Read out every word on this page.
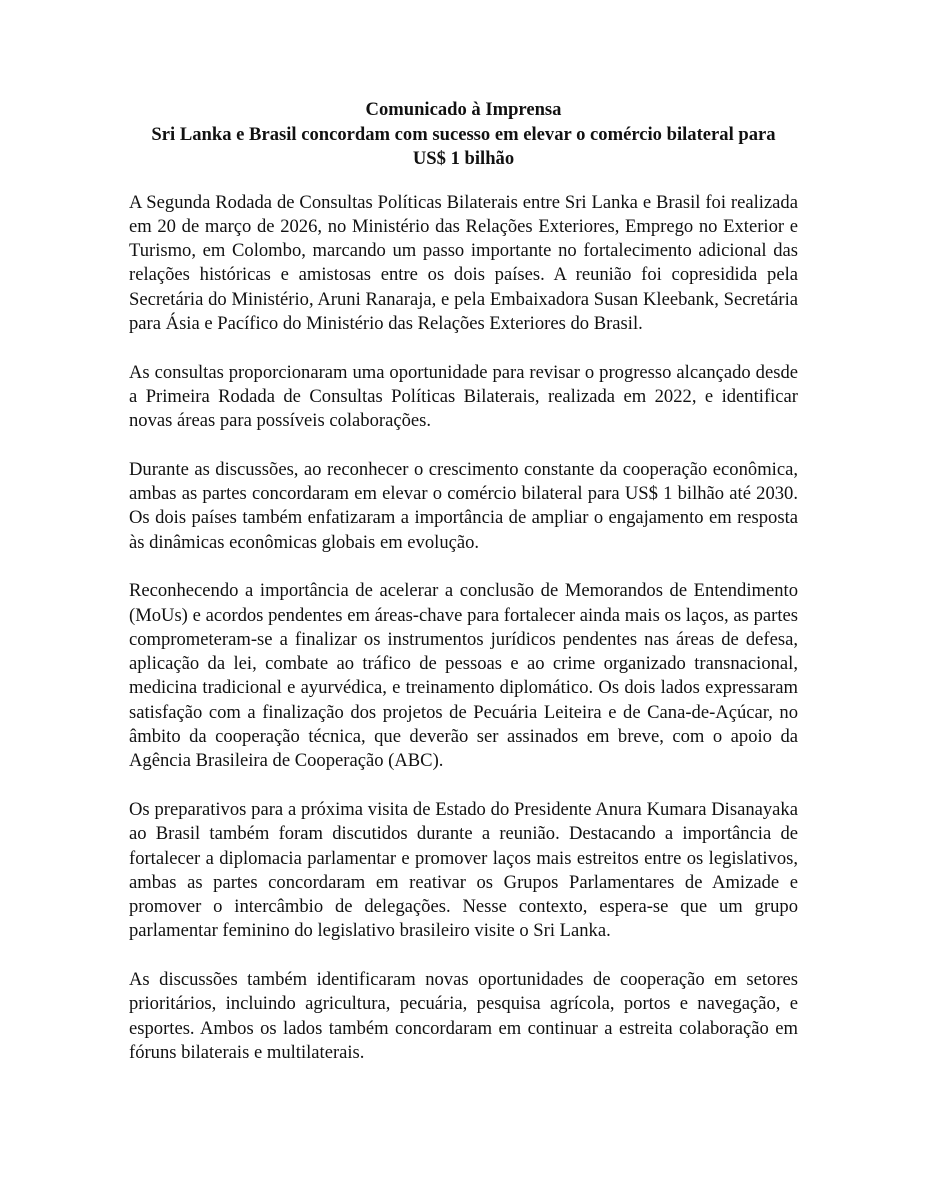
Comunicado à Imprensa
Sri Lanka e Brasil concordam com sucesso em elevar o comércio bilateral para
US$ 1 bilhão

A Segunda Rodada de Consultas Políticas Bilaterais entre Sri Lanka e Brasil foi realizada em 20 de março de 2026, no Ministério das Relações Exteriores, Emprego no Exterior e Turismo, em Colombo, marcando um passo importante no fortalecimento adicional das relações históricas e amistosas entre os dois países. A reunião foi copresidida pela Secretária do Ministério, Aruni Ranaraja, e pela Embaixadora Susan Kleebank, Secretária para Ásia e Pacífico do Ministério das Relações Exteriores do Brasil.

As consultas proporcionaram uma oportunidade para revisar o progresso alcançado desde a Primeira Rodada de Consultas Políticas Bilaterais, realizada em 2022, e identificar novas áreas para possíveis colaborações.

Durante as discussões, ao reconhecer o crescimento constante da cooperação econômica, ambas as partes concordaram em elevar o comércio bilateral para US$ 1 bilhão até 2030. Os dois países também enfatizaram a importância de ampliar o engajamento em resposta às dinâmicas econômicas globais em evolução.

Reconhecendo a importância de acelerar a conclusão de Memorandos de Entendimento (MoUs) e acordos pendentes em áreas-chave para fortalecer ainda mais os laços, as partes comprometeram-se a finalizar os instrumentos jurídicos pendentes nas áreas de defesa, aplicação da lei, combate ao tráfico de pessoas e ao crime organizado transnacional, medicina tradicional e ayurvédica, e treinamento diplomático. Os dois lados expressaram satisfação com a finalização dos projetos de Pecuária Leiteira e de Cana-de-Açúcar, no âmbito da cooperação técnica, que deverão ser assinados em breve, com o apoio da Agência Brasileira de Cooperação (ABC).

Os preparativos para a próxima visita de Estado do Presidente Anura Kumara Disanayaka ao Brasil também foram discutidos durante a reunião. Destacando a importância de fortalecer a diplomacia parlamentar e promover laços mais estreitos entre os legislativos, ambas as partes concordaram em reativar os Grupos Parlamentares de Amizade e promover o intercâmbio de delegações. Nesse contexto, espera-se que um grupo parlamentar feminino do legislativo brasileiro visite o Sri Lanka.

As discussões também identificaram novas oportunidades de cooperação em setores prioritários, incluindo agricultura, pecuária, pesquisa agrícola, portos e navegação, e esportes. Ambos os lados também concordaram em continuar a estreita colaboração em fóruns bilaterais e multilaterais.
